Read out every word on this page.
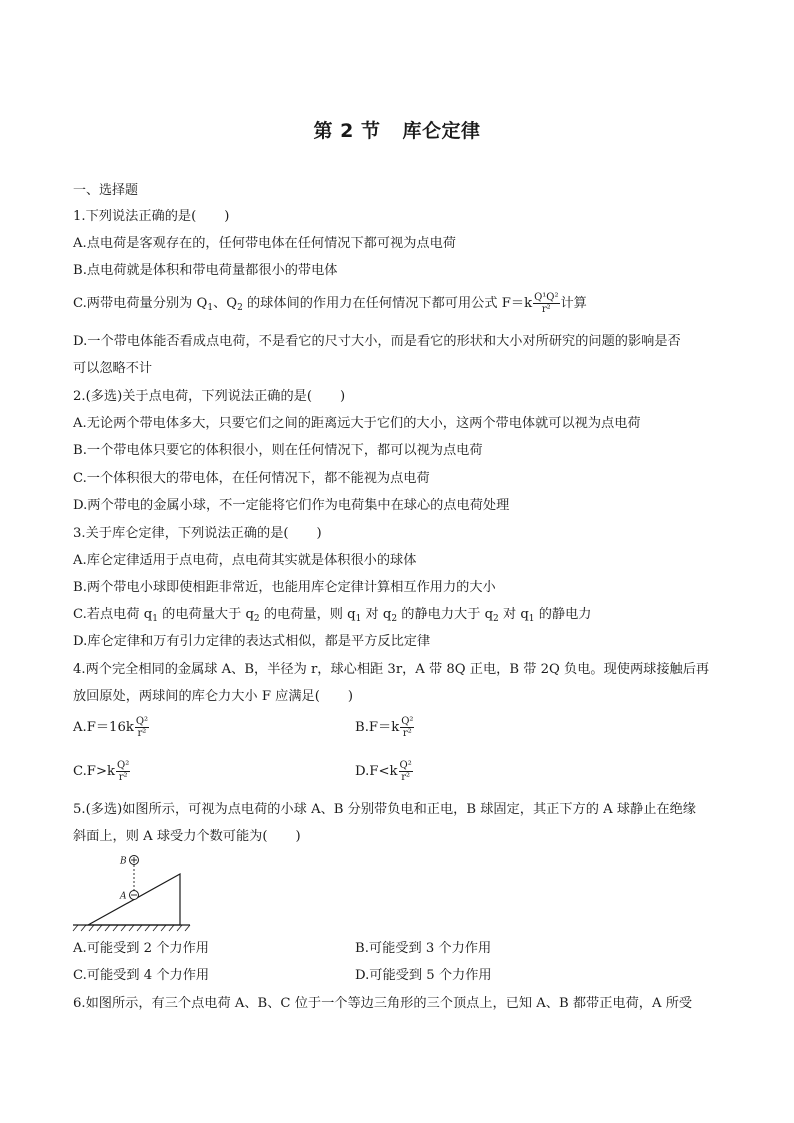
第 2 节 库仑定律
一、选择题
1.下列说法正确的是( )
A.点电荷是客观存在的，任何带电体在任何情况下都可视为点电荷
B.点电荷就是体积和带电荷量都很小的带电体
C.两带电荷量分别为 $Q_1$、$Q_2$ 的球体间的作用力在任何情况下都可用公式 $F=k \frac{\text{Q¹Q²}}{\text{r²}}$ 计算
D.一个带电体能否看成点电荷，不是看它的尺寸大小，而是看它的形状和大小对所研究的问题的影响是否
可以忽略不计
2.(多选)关于点电荷，下列说法正确的是( )
A.无论两个带电体多大，只要它们之间的距离远大于它们的大小，这两个带电体就可以视为点电荷
B.一个带电体只要它的体积很小，则在任何情况下，都可以视为点电荷
C.一个体积很大的带电体，在任何情况下，都不能视为点电荷
D.两个带电的金属小球，不一定能将它们作为电荷集中在球心的点电荷处理
3.关于库仑定律，下列说法正确的是( )
A.库仑定律适用于点电荷，点电荷其实就是体积很小的球体
B.两个带电小球即使相距非常近，也能用库仑定律计算相互作用力的大小
C.若点电荷 $q_1$ 的电荷量大于 $q_2$ 的电荷量，则 $q_1$ 对 $q_2$ 的静电力大于 $q_2$ 对 $q_1$ 的静电力
D.库仑定律和万有引力定律的表达式相似，都是平方反比定律
4.两个完全相同的金属球 A、B，半径为 r，球心相距 3r，A 带 8Q 正电，B 带 2Q 负电。现使两球接触后再
放回原处，两球间的库仑力大小 F 应满足( )
$A.F=16k \frac{\text{Q²}}{\text{r²}}$	$B.F=k \frac{\text{Q²}}{\text{r²}}$
$C.F>k \frac{\text{Q²}}{\text{r²}}$	$D.F<k \frac{\text{Q²}}{\text{r²}}$
5.(多选)如图所示，可视为点电荷的小球 A、B 分别带负电和正电，B 球固定，其正下方的 A 球静止在绝缘
斜面上，则 A 球受力个数可能为( )
B
A
A.可能受到 2 个力作用	B.可能受到 3 个力作用
C.可能受到 4 个力作用	D.可能受到 5 个力作用
6.如图所示，有三个点电荷 A、B、C 位于一个等边三角形的三个顶点上，已知 A、B 都带正电荷，A 所受
